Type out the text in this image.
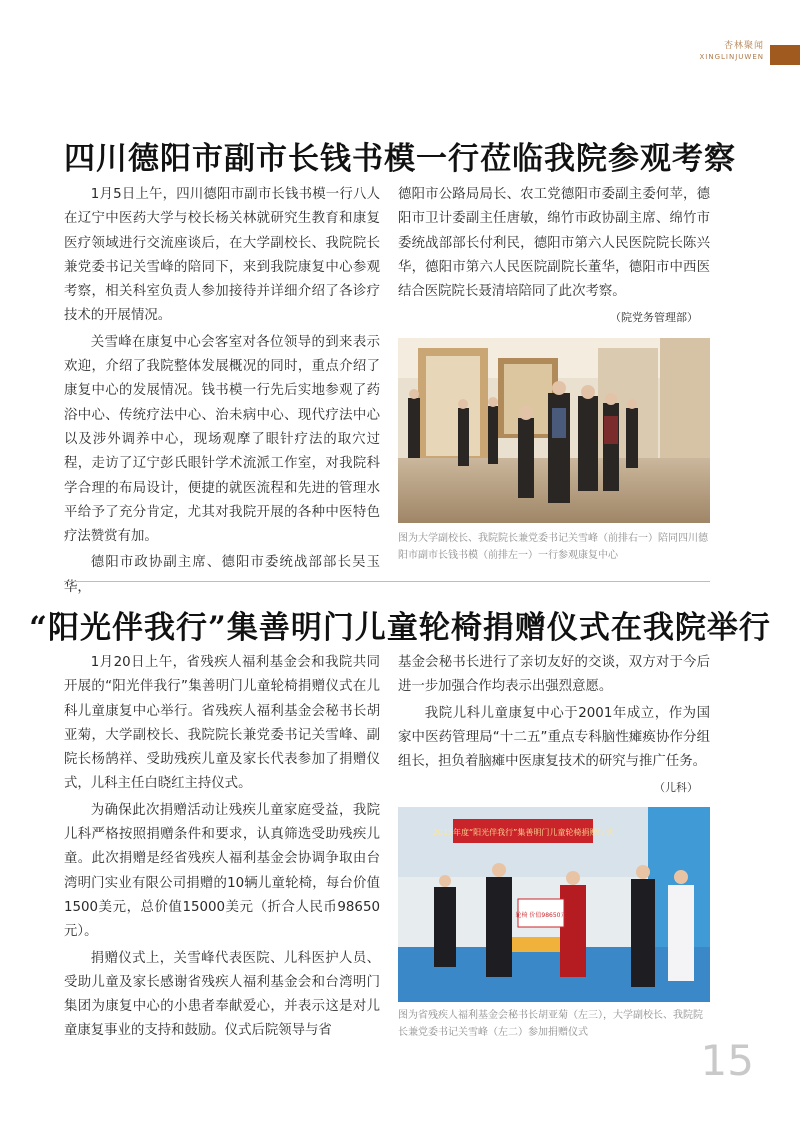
杏林聚闻
XINGLINJUWEN
四川德阳市副市长钱书模一行莅临我院参观考察

1月5日上午，四川德阳市副市长钱书模一行八人在辽宁中医药大学与校长杨关林就研究生教育和康复医疗领域进行交流座谈后，在大学副校长、我院院长兼党委书记关雪峰的陪同下，来到我院康复中心参观考察，相关科室负责人参加接待并详细介绍了各诊疗技术的开展情况。

关雪峰在康复中心会客室对各位领导的到来表示欢迎，介绍了我院整体发展概况的同时，重点介绍了康复中心的发展情况。钱书模一行先后实地参观了药浴中心、传统疗法中心、治未病中心、现代疗法中心以及涉外调养中心，现场观摩了眼针疗法的取穴过程，走访了辽宁彭氏眼针学术流派工作室，对我院科学合理的布局设计，便捷的就医流程和先进的管理水平给予了充分肯定，尤其对我院开展的各种中医特色疗法赞赏有加。

德阳市政协副主席、德阳市委统战部部长吴玉华，

德阳市公路局局长、农工党德阳市委副主委何苹，德阳市卫计委副主任唐敏，绵竹市政协副主席、绵竹市委统战部部长付利民，德阳市第六人民医院院长陈兴华，德阳市第六人民医院副院长董华，德阳市中西医结合医院院长聂清培陪同了此次考察。

（院党务管理部）
图为大学副校长、我院院长兼党委书记关雪峰（前排右一）陪同四川德阳市副市长钱书模（前排左一）一行参观康复中心
“阳光伴我行”集善明门儿童轮椅捐赠仪式在我院举行

1月20日上午，省残疾人福利基金会和我院共同开展的“阳光伴我行”集善明门儿童轮椅捐赠仪式在儿科儿童康复中心举行。省残疾人福利基金会秘书长胡亚菊，大学副校长、我院院长兼党委书记关雪峰、副院长杨鹄祥、受助残疾儿童及家长代表参加了捐赠仪式，儿科主任白晓红主持仪式。

为确保此次捐赠活动让残疾儿童家庭受益，我院儿科严格按照捐赠条件和要求，认真筛选受助残疾儿童。此次捐赠是经省残疾人福利基金会协调争取由台湾明门实业有限公司捐赠的10辆儿童轮椅，每台价值1500美元，总价值15000美元（折合人民币98650元）。

捐赠仪式上，关雪峰代表医院、儿科医护人员、受助儿童及家长感谢省残疾人福利基金会和台湾明门集团为康复中心的小患者奉献爱心，并表示这是对儿童康复事业的支持和鼓励。仪式后院领导与省

基金会秘书长进行了亲切友好的交谈，双方对于今后进一步加强合作均表示出强烈意愿。

我院儿科儿童康复中心于2001年成立，作为国家中医药管理局“十二五”重点专科脑性瘫痪协作分组组长，担负着脑瘫中医康复技术的研究与推广任务。

（儿科）
2015年度“阳光伴我行”集善明门儿童轮椅捐赠仪式
轮椅 价值98650元
图为省残疾人福利基金会秘书长胡亚菊（左三），大学副校长、我院院长兼党委书记关雪峰（左二）参加捐赠仪式
15
